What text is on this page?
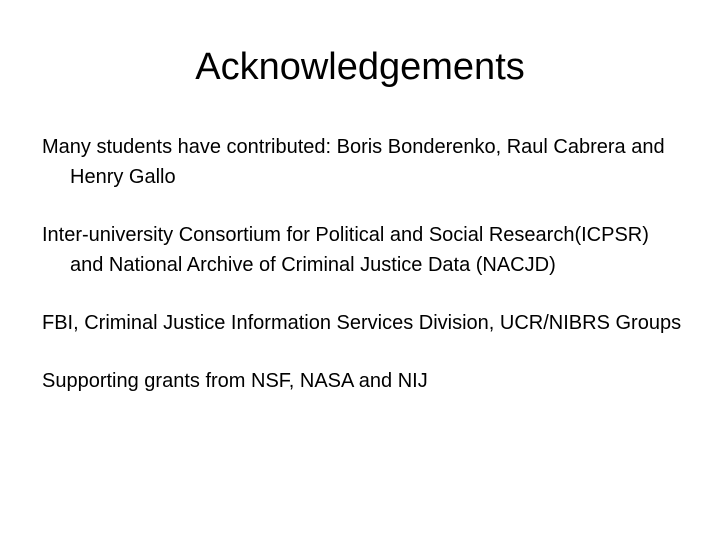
Acknowledgements
Many students have contributed: Boris Bonderenko, Raul Cabrera and Henry Gallo
Inter-university Consortium for Political and Social Research(ICPSR) and National Archive of Criminal Justice Data (NACJD)
FBI, Criminal Justice Information Services Division, UCR/NIBRS Groups
Supporting grants from NSF, NASA and NIJ
